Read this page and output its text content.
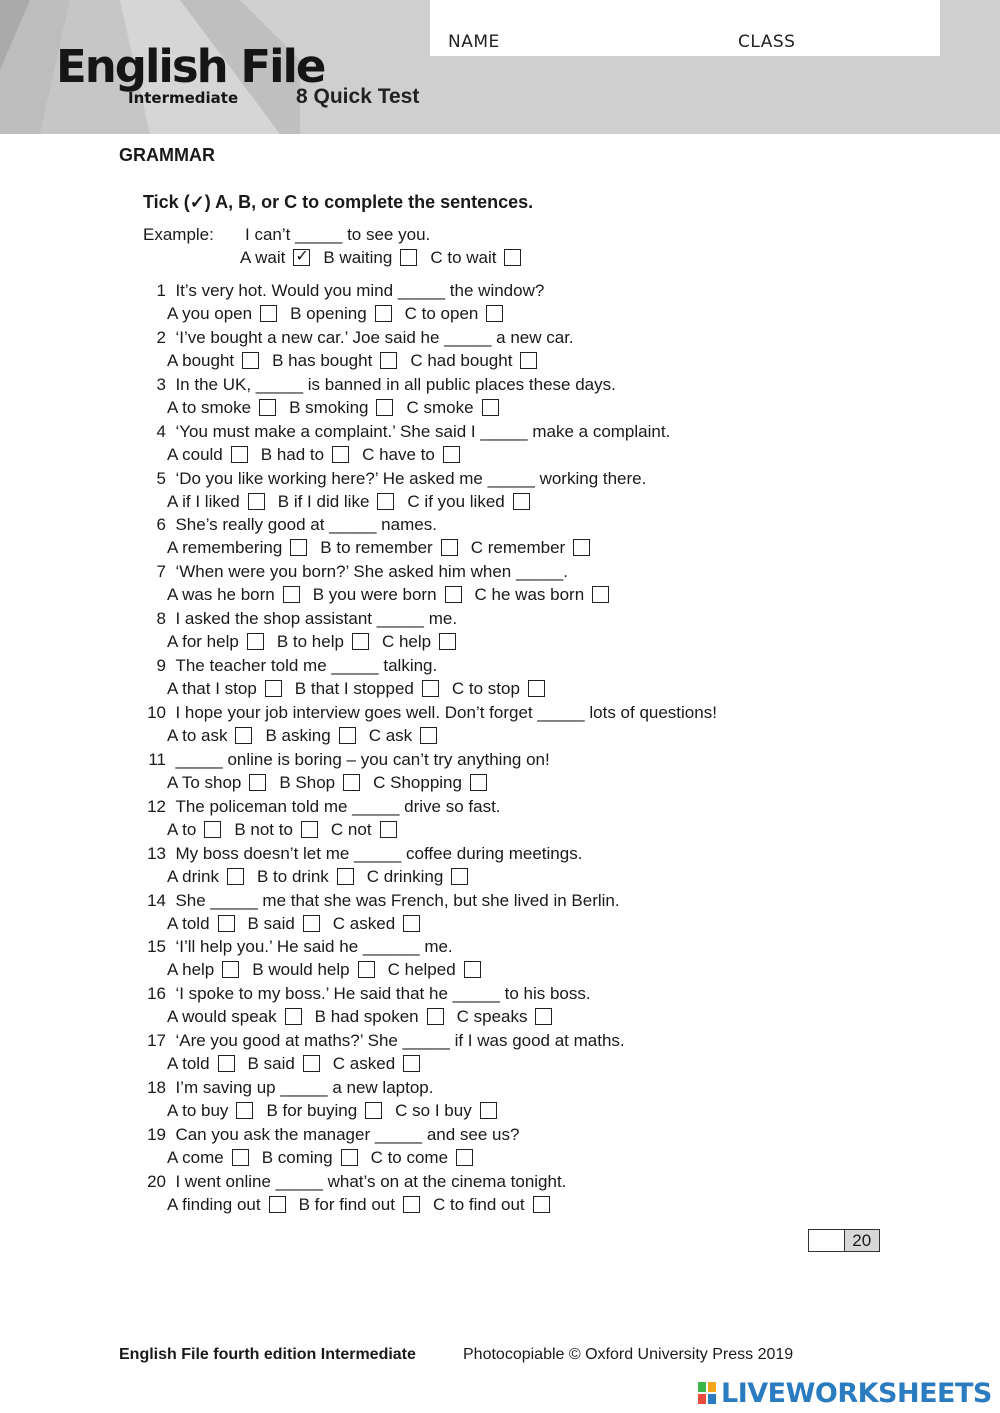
NAME	CLASS
English File
Intermediate	8 Quick Test
GRAMMAR
Tick (✓) A, B, or C to complete the sentences.
Example: I can’t _____ to see you.
A wait✓ B waiting C to wait
1 It’s very hot. Would you mind _____ the window?
A you open B opening C to open
2 ‘I’ve bought a new car.’ Joe said he _____ a new car.
A bought B has bought C had bought
3 In the UK, _____ is banned in all public places these days.
A to smoke B smoking C smoke
4 ‘You must make a complaint.’ She said I _____ make a complaint.
A could B had to C have to
5 ‘Do you like working here?’ He asked me _____ working there.
A if I liked B if I did like C if you liked
6 She’s really good at _____ names.
A remembering B to remember C remember
7 ‘When were you born?’ She asked him when _____.
A was he born B you were born C he was born
8 I asked the shop assistant _____ me.
A for help B to help C help
9 The teacher told me _____ talking.
A that I stop B that I stopped C to stop
10 I hope your job interview goes well. Don’t forget _____ lots of questions!
A to ask B asking C ask
11 _____ online is boring – you can’t try anything on!
A To shop B Shop C Shopping
12 The policeman told me _____ drive so fast.
A to B not to C not
13 My boss doesn’t let me _____ coffee during meetings.
A drink B to drink C drinking
14 She _____ me that she was French, but she lived in Berlin.
A told B said C asked
15 ‘I’ll help you.’ He said he ______ me.
A help B would help C helped
16 ‘I spoke to my boss.’ He said that he _____ to his boss.
A would speak B had spoken C speaks
17 ‘Are you good at maths?’ She _____ if I was good at maths.
A told B said C asked
18 I’m saving up _____ a new laptop.
A to buy B for buying C so I buy
19 Can you ask the manager _____ and see us?
A come B coming C to come
20 I went online _____ what’s on at the cinema tonight.
A finding out B for find out C to find out
20
English File fourth edition Intermediate	Photocopiable © Oxford University Press 2019
LIVEWORKSHEETS
